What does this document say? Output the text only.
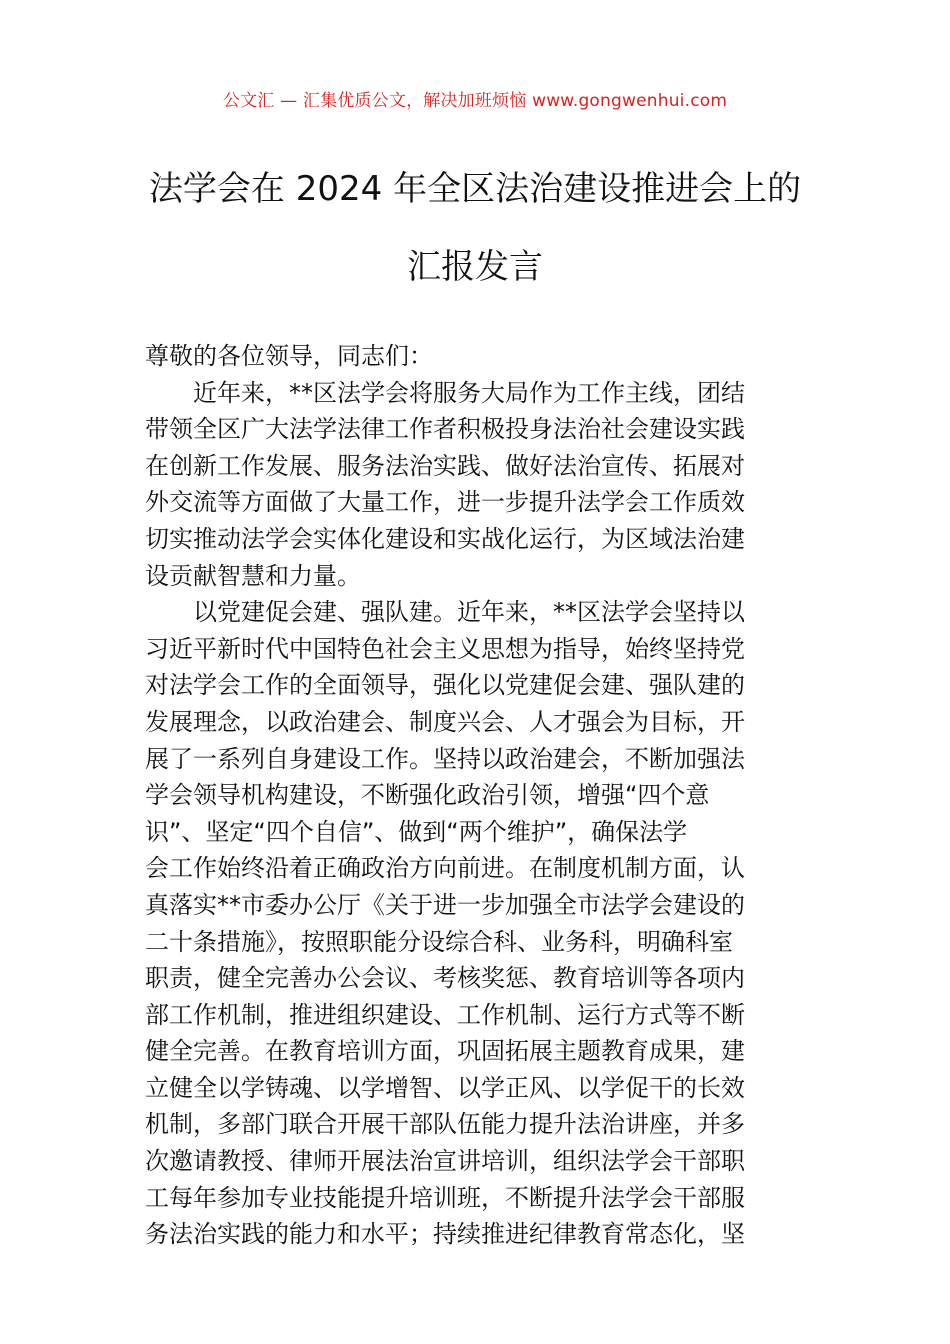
公文汇 — 汇集优质公文，解决加班烦恼 www.gongwenhui.com
法学会在 2024 年全区法治建设推进会上的
汇报发言
尊敬的各位领导，同志们：
近年来，**区法学会将服务大局作为工作主线，团结
带领全区广大法学法律工作者积极投身法治社会建设实践
在创新工作发展、服务法治实践、做好法治宣传、拓展对
外交流等方面做了大量工作，进一步提升法学会工作质效
切实推动法学会实体化建设和实战化运行，为区域法治建
设贡献智慧和力量。
以党建促会建、强队建。近年来，**区法学会坚持以
习近平新时代中国特色社会主义思想为指导，始终坚持党
对法学会工作的全面领导，强化以党建促会建、强队建的
发展理念，以政治建会、制度兴会、人才强会为目标，开
展了一系列自身建设工作。坚持以政治建会，不断加强法
学会领导机构建设，不断强化政治引领，增强“四个意
识”、坚定“四个自信”、做到“两个维护”，确保法学
会工作始终沿着正确政治方向前进。在制度机制方面，认
真落实**市委办公厅《关于进一步加强全市法学会建设的
二十条措施》，按照职能分设综合科、业务科，明确科室
职责，健全完善办公会议、考核奖惩、教育培训等各项内
部工作机制，推进组织建设、工作机制、运行方式等不断
健全完善。在教育培训方面，巩固拓展主题教育成果，建
立健全以学铸魂、以学增智、以学正风、以学促干的长效
机制，多部门联合开展干部队伍能力提升法治讲座，并多
次邀请教授、律师开展法治宣讲培训，组织法学会干部职
工每年参加专业技能提升培训班，不断提升法学会干部服
务法治实践的能力和水平；持续推进纪律教育常态化，坚
